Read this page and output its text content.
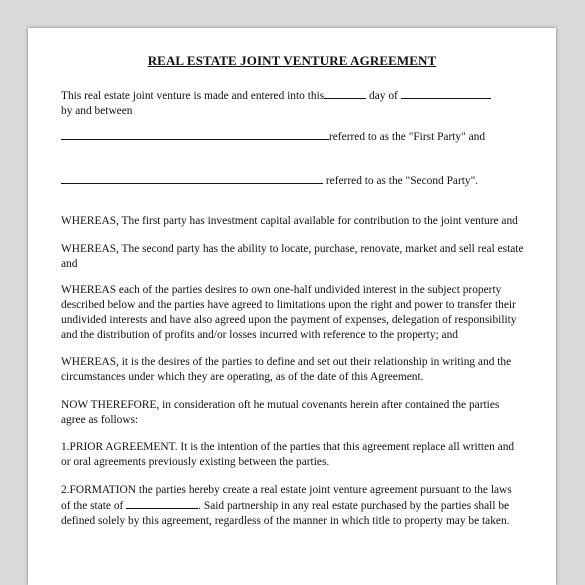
REAL ESTATE JOINT VENTURE AGREEMENT
This real estate joint venture is made and entered into this	day of
by and between
referred to as the "First Party" and
referred to as the "Second Party".
WHEREAS, The first party has investment capital available for contribution to the joint venture and
WHEREAS, The second party has the ability to locate, purchase, renovate, market and sell real estate
and
WHEREAS each of the parties desires to own one-half undivided interest in the subject property
described below and the parties have agreed to limitations upon the right and power to transfer their
undivided interests and have also agreed upon the payment of expenses, delegation of responsibility
and the distribution of profits and/or losses incurred with reference to the property; and
WHEREAS, it is the desires of the parties to define and set out their relationship in writing and the
circumstances under which they are operating, as of the date of this Agreement.
NOW THEREFORE, in consideration oft he mutual covenants herein after contained the parties
agree as follows:
1.PRIOR AGREEMENT. It is the intention of the parties that this agreement replace all written and
or oral agreements previously existing between the parties.
2.FORMATION the parties hereby create a real estate joint venture agreement pursuant to the laws
of the state of	. Said partnership in any real estate purchased by the parties shall be
defined solely by this agreement, regardless of the manner in which title to property may be taken.
